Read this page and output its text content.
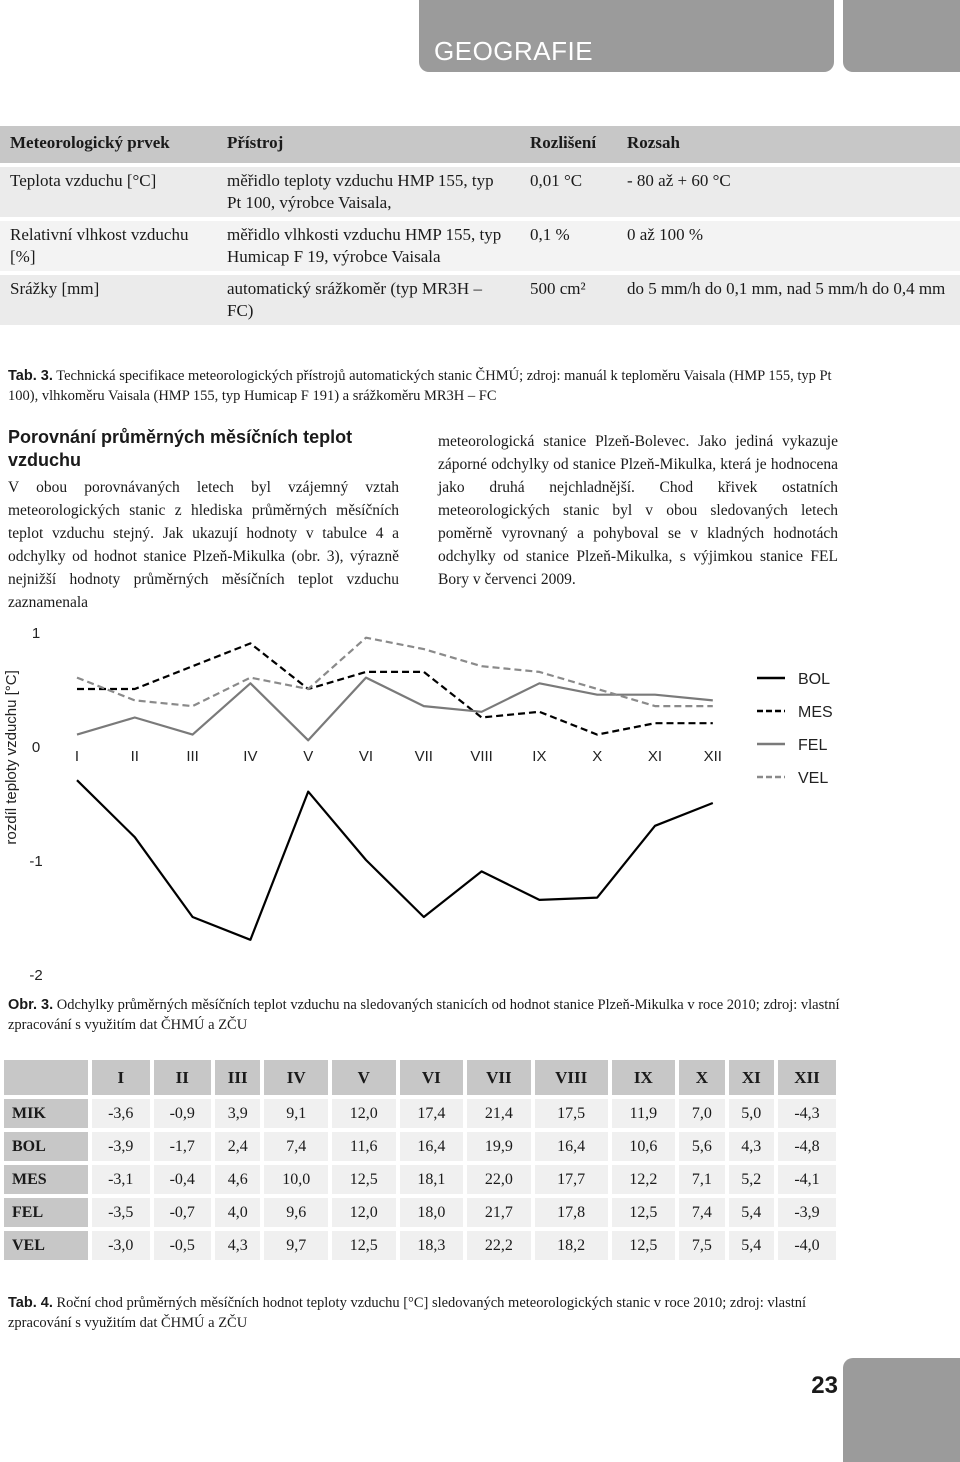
GEOGRAFIE
Meteorologický prvek	Přístroj	Rozlišení	Rozsah
Teplota vzduchu [°C]	měřidlo teploty vzduchu HMP 155, typ Pt 100, výrobce Vaisala,	0,01 °C	- 80 až + 60 °C
Relativní vlhkost vzduchu [%]	měřidlo vlhkosti vzduchu HMP 155, typ Humicap F 19, výrobce Vaisala	0,1 %	0 až 100 %
Srážky [mm]	automatický srážkoměr (typ MR3H – FC)	500 cm²	do 5 mm/h do 0,1 mm, nad 5 mm/h do 0,4 mm
Tab. 3. Technická specifikace meteorologických přístrojů automatických stanic ČHMÚ; zdroj: manuál k teploměru Vaisala (HMP 155, typ Pt 100), vlhkoměru Vaisala (HMP 155, typ Humicap F 191) a srážkoměru MR3H – FC
Porovnání průměrných měsíčních teplot vzduchu
V obou porovnávaných letech byl vzájemný vztah meteorologických stanic z hlediska průměrných měsíčních teplot vzduchu stejný. Jak ukazují hodnoty v tabulce 4 a odchylky od hodnot stanice Plzeň-Mikulka (obr. 3), výrazně nejnižší hodnoty průměrných měsíčních teplot vzduchu zaznamenala
meteorologická stanice Plzeň-Bolevec. Jako jediná vykazuje záporné odchylky od stanice Plzeň-Mikulka, která je hodnocena jako druhá nejchladnější. Chod křivek ostatních meteorologických stanic byl v obou sledovaných letech poměrně vyrovnaný a pohyboval se v kladných hodnotách odchylky od stanice Plzeň-Mikulka, s výjimkou stanice FEL Bory v červenci 2009.
1
0
-1
-2
rozdíl teploty vzduchu [°C]	I	II	III	IV	V	VI	VII VIII	IX	X	XI	XII
BOL
MES
FEL
VEL
Obr. 3. Odchylky průměrných měsíčních teplot vzduchu na sledovaných stanicích od hodnot stanice Plzeň-Mikulka v roce 2010; zdroj: vlastní zpracování s využitím dat ČHMÚ a ZČU
	I	II	III	IV	V	VI	VII	VIII	IX	X	XI	XII
MIK	-3,6	-0,9	3,9	9,1	12,0	17,4	21,4	17,5	11,9	7,0	5,0	-4,3
BOL	-3,9	-1,7	2,4	7,4	11,6	16,4	19,9	16,4	10,6	5,6	4,3	-4,8
MES	-3,1	-0,4	4,6	10,0	12,5	18,1	22,0	17,7	12,2	7,1	5,2	-4,1
FEL	-3,5	-0,7	4,0	9,6	12,0	18,0	21,7	17,8	12,5	7,4	5,4	-3,9
VEL	-3,0	-0,5	4,3	9,7	12,5	18,3	22,2	18,2	12,5	7,5	5,4	-4,0
Tab. 4. Roční chod průměrných měsíčních hodnot teploty vzduchu [°C] sledovaných meteorologických stanic v roce 2010; zdroj: vlastní zpracování s využitím dat ČHMÚ a ZČU
23
